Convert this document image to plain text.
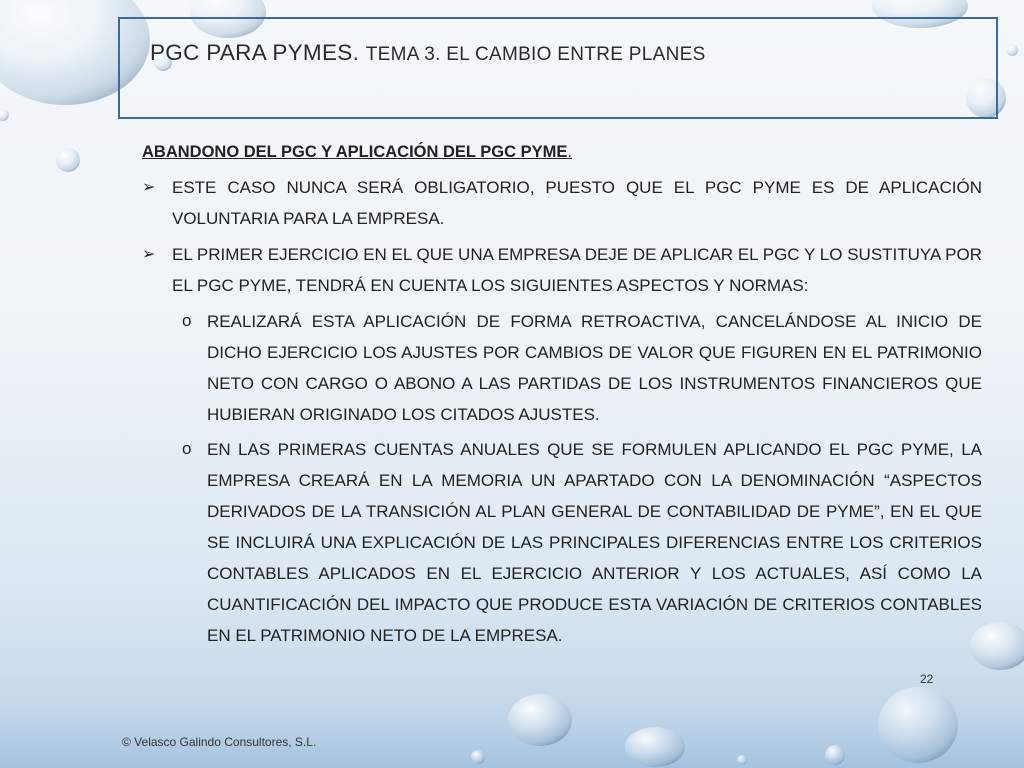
PGC PARA PYMES. TEMA 3. EL CAMBIO ENTRE PLANES
ABANDONO DEL PGC Y APLICACIÓN DEL PGC PYME.
➢ ESTE CASO NUNCA SERÁ OBLIGATORIO, PUESTO QUE EL PGC PYME ES DE APLICACIÓN VOLUNTARIA PARA LA EMPRESA.
➢ EL PRIMER EJERCICIO EN EL QUE UNA EMPRESA DEJE DE APLICAR EL PGC Y LO SUSTITUYA POR EL PGC PYME, TENDRÁ EN CUENTA LOS SIGUIENTES ASPECTOS Y NORMAS:
o REALIZARÁ ESTA APLICACIÓN DE FORMA RETROACTIVA, CANCELÁNDOSE AL INICIO DE DICHO EJERCICIO LOS AJUSTES POR CAMBIOS DE VALOR QUE FIGUREN EN EL PATRIMONIO NETO CON CARGO O ABONO A LAS PARTIDAS DE LOS INSTRUMENTOS FINANCIEROS QUE HUBIERAN ORIGINADO LOS CITADOS AJUSTES.
o EN LAS PRIMERAS CUENTAS ANUALES QUE SE FORMULEN APLICANDO EL PGC PYME, LA EMPRESA CREARÁ EN LA MEMORIA UN APARTADO CON LA DENOMINACIÓN “ASPECTOS DERIVADOS DE LA TRANSICIÓN AL PLAN GENERAL DE CONTABILIDAD DE PYME”, EN EL QUE SE INCLUIRÁ UNA EXPLICACIÓN DE LAS PRINCIPALES DIFERENCIAS ENTRE LOS CRITERIOS CONTABLES APLICADOS EN EL EJERCICIO ANTERIOR Y LOS ACTUALES, ASÍ COMO LA CUANTIFICACIÓN DEL IMPACTO QUE PRODUCE ESTA VARIACIÓN DE CRITERIOS CONTABLES EN EL PATRIMONIO NETO DE LA EMPRESA.
22
© Velasco Galindo Consultores, S.L.
